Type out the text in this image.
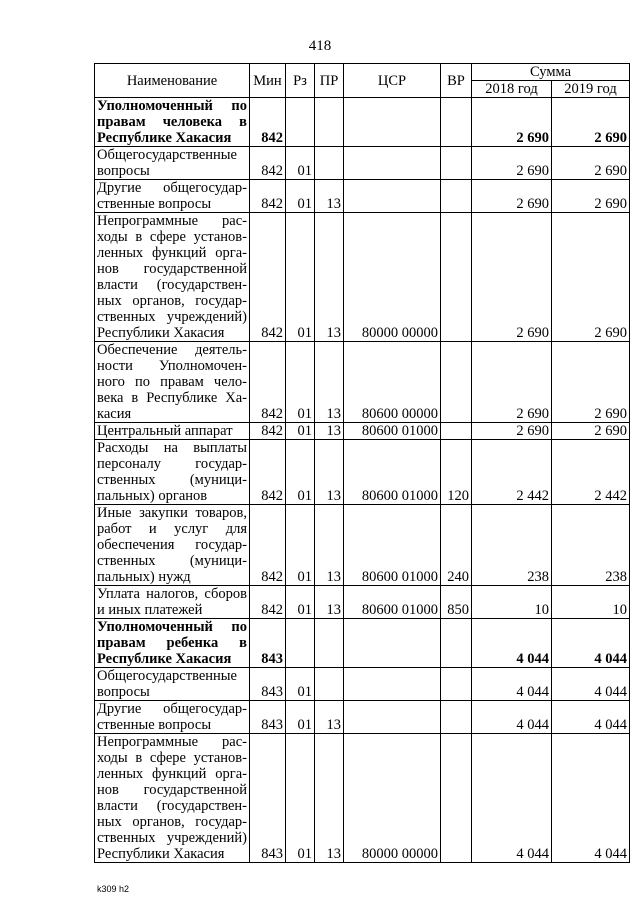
418
Наименование	Мин	Рз	ПР	ЦСР	ВР	Сумма	
						2018 год	2019 год
Уполномоченный по правам человека в Республике Хакасия	842					2 690	2 690
Общегосударственные вопросы	842	01				2 690	2 690
Другие общегосударственные вопросы	842	01	13			2 690	2 690
Непрограммные расходы в сфере установленных функций органов государственной власти (государственных органов, государственных учреждений) Республики Хакасия	842	01	13	80000 00000		2 690	2 690
Обеспечение деятельности Уполномоченного по правам человека в Республике Хакасия	842	01	13	80600 00000		2 690	2 690
Центральный аппарат	842	01	13	80600 01000		2 690	2 690
Расходы на выплаты персоналу государственных (муниципальных) органов	842	01	13	80600 01000	120	2 442	2 442
Иные закупки товаров, работ и услуг для обеспечения государственных (муниципальных) нужд	842	01	13	80600 01000	240	238	238
Уплата налогов, сборов и иных платежей	842	01	13	80600 01000	850	10	10
Уполномоченный по правам ребенка в Республике Хакасия	843					4 044	4 044
Общегосударственные вопросы	843	01				4 044	4 044
Другие общегосударственные вопросы	843	01	13			4 044	4 044
Непрограммные расходы в сфере установленных функций органов государственной власти (государственных органов, государственных учреждений) Республики Хакасия	843	01	13	80000 00000		4 044	4 044
k309 h2
